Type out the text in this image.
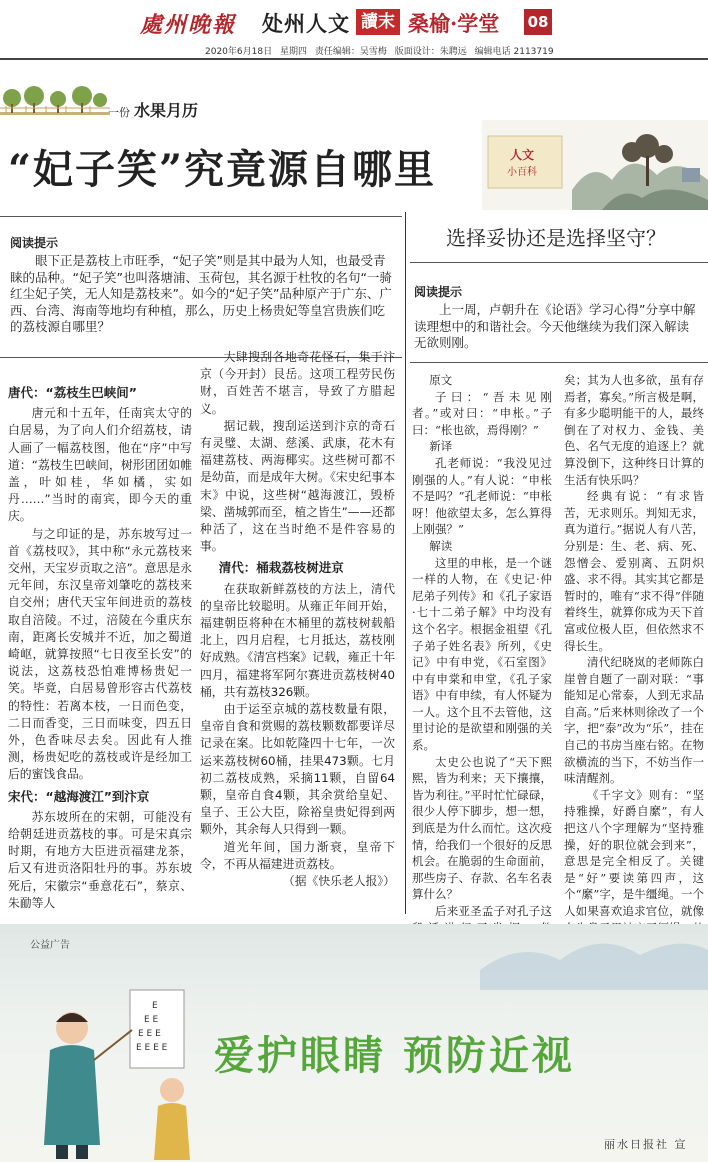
處州晚報 处州人文 讀末 桑榆·学堂 08
2020年6月18日 星期四 责任编辑：吴雪梅 版面设计：朱聘远 编辑电话 2113719
一份 水果月历
“妃子笑”究竟源自哪里	人文
小百科
阅读提示
眼下正是荔枝上市旺季，“妃子笑”则是其中最为人知，也最受青睐的品种。“妃子笑”也叫落塘浦、玉荷包，其名源于杜牧的名句“一骑红尘妃子笑，无人知是荔枝来”。如今的“妃子笑”品种原产于广东、广西、台湾、海南等地均有种植，那么，历史上杨贵妃等皇宫贵族们吃的荔枝源自哪里？
唐代：“荔枝生巴峡间”

唐元和十五年，任南宾太守的白居易，为了向人们介绍荔枝，请人画了一幅荔枝图，他在“序”中写道：“荔枝生巴峡间，树形团团如帷盖，叶如桂，华如橘，实如丹……”当时的南宾，即今天的重庆。

与之印证的是，苏东坡写过一首《荔枝叹》，其中称“永元荔枝来交州，天宝岁贡取之涪”。意思是永元年间，东汉皇帝刘肇吃的荔枝来自交州；唐代天宝年间进贡的荔枝取自涪陵。不过，涪陵在今重庆东南，距离长安城并不近，加之蜀道崎岖，就算按照“七日夜至长安”的说法，这荔枝恐怕难博杨贵妃一笑。毕竟，白居易曾形容古代荔枝的特性：若离本枝，一日而色变，二日而香变，三日而味变，四五日外，色香味尽去矣。因此有人推测，杨贵妃吃的荔枝或许是经加工后的蜜饯食品。

宋代：“越海渡江”到汴京

苏东坡所在的宋朝，可能没有给朝廷进贡荔枝的事。可是宋真宗时期，有地方大臣进贡福建龙茶，后又有进贡洛阳牡丹的事。苏东坡死后，宋徽宗“垂意花石”，蔡京、朱勔等人

大肆搜刮各地奇花怪石，集于汴京（今开封）艮岳。这项工程劳民伤财，百姓苦不堪言，导致了方腊起义。

据记载，搜刮运送到汴京的奇石有灵璧、太湖、慈溪、武康，花木有福建荔枝、两海椰实。这些树可都不是幼苗，而是成年大树。《宋史纪事本末》中说，这些树“越海渡江，毁桥梁、凿城郭而至，植之皆生”——还都种活了，这在当时绝不是件容易的事。

清代：桶栽荔枝树进京

在获取新鲜荔枝的方法上，清代的皇帝比较聪明。从雍正年间开始，福建朝臣将种在木桶里的荔枝树载船北上，四月启程，七月抵达，荔枝刚好成熟。《清宫档案》记载，雍正十年四月，福建将军阿尔赛进贡荔枝树40桶，共有荔枝326颗。

由于运至京城的荔枝数量有限，皇帝自食和赏赐的荔枝颗数都要详尽记录在案。比如乾隆四十七年，一次运来荔枝树60桶，挂果473颗。七月初二荔枝成熟，采摘11颗，自留64颗，皇帝自食4颗，其余赏给皇妃、皇子、王公大臣，除裕皇贵妃得到两颗外，其余每人只得到一颗。

道光年间，国力渐衰，皇帝下令，不再从福建进贡荔枝。

（据《快乐老人报》）

选择妥协还是选择坚守？
阅读提示
上一周，卢朝升在《论语》学习心得”分享中解读理想中的和谐社会。今天他继续为我们深入解读无欲则刚。

原文

子曰：“吾未见刚者。”或对曰：“申枨。”子曰：“枨也欲，焉得刚？”

新译

孔老师说：“我没见过刚强的人。”有人说：“申枨不是吗？”孔老师说：“申枨呀！他欲望太多，怎么算得上刚强？”

解读

这里的申枨，是一个谜一样的人物，在《史记·仲尼弟子列传》和《孔子家语·七十二弟子解》中均没有这个名字。根据金祖望《孔子弟子姓名表》所列，《史记》中有申党，《石室图》中有申棠和申堂，《孔子家语》中有申续，有人怀疑为一人。这个且不去管他，这里讨论的是欲望和刚强的关系。

太史公也说了“天下熙熙，皆为利来；天下攘攘，皆为利往。”平时忙忙碌碌，很少人停下脚步，想一想，到底是为什么而忙。这次疫情，给我们一个很好的反思机会。在脆弱的生命面前，那些房子、存款、名车名表算什么？

后来亚圣孟子对孔子这

矣；其为人也多欲，虽有存焉者，寡矣。”所言极是啊，有多少聪明能干的人，最终倒在了对权力、金钱、美色、名气无度的追逐上？就算没倒下，这种终日计算的生活有快乐吗？

经典有说：“有求皆苦，无求则乐。判知无求，真为道行。”据说人有八苦，分别是：生、老、病、死、怨憎会、爱别离、五阴炽盛、求不得。其实其它都是暂时的，唯有“求不得”伴随着终生，就算你成为天下首富或位极人臣，但依然求不得长生。

清代纪晓岚的老师陈白崖曾自题了一副对联：“事能知足心常泰，人到无求品自高。”后来林则徐改了一个字，把“泰”改为“乐”，挂在自己的书房当座右铭。在物欲横流的当下，不妨当作一味清醒剂。

《千字文》则有：“坚持雅操，好爵自縻”，有人把这八个字理解为“坚持雅操，好的职位就会到来”，意思是完全相反了。关键是“好”要读第四声，这个“縻”字，是牛缰绳。一个人如果喜欢追求官位，就像

公益广告
E
E E
E E E
E E E E 爱护眼睛 预防近视
丽水日报社 宣
